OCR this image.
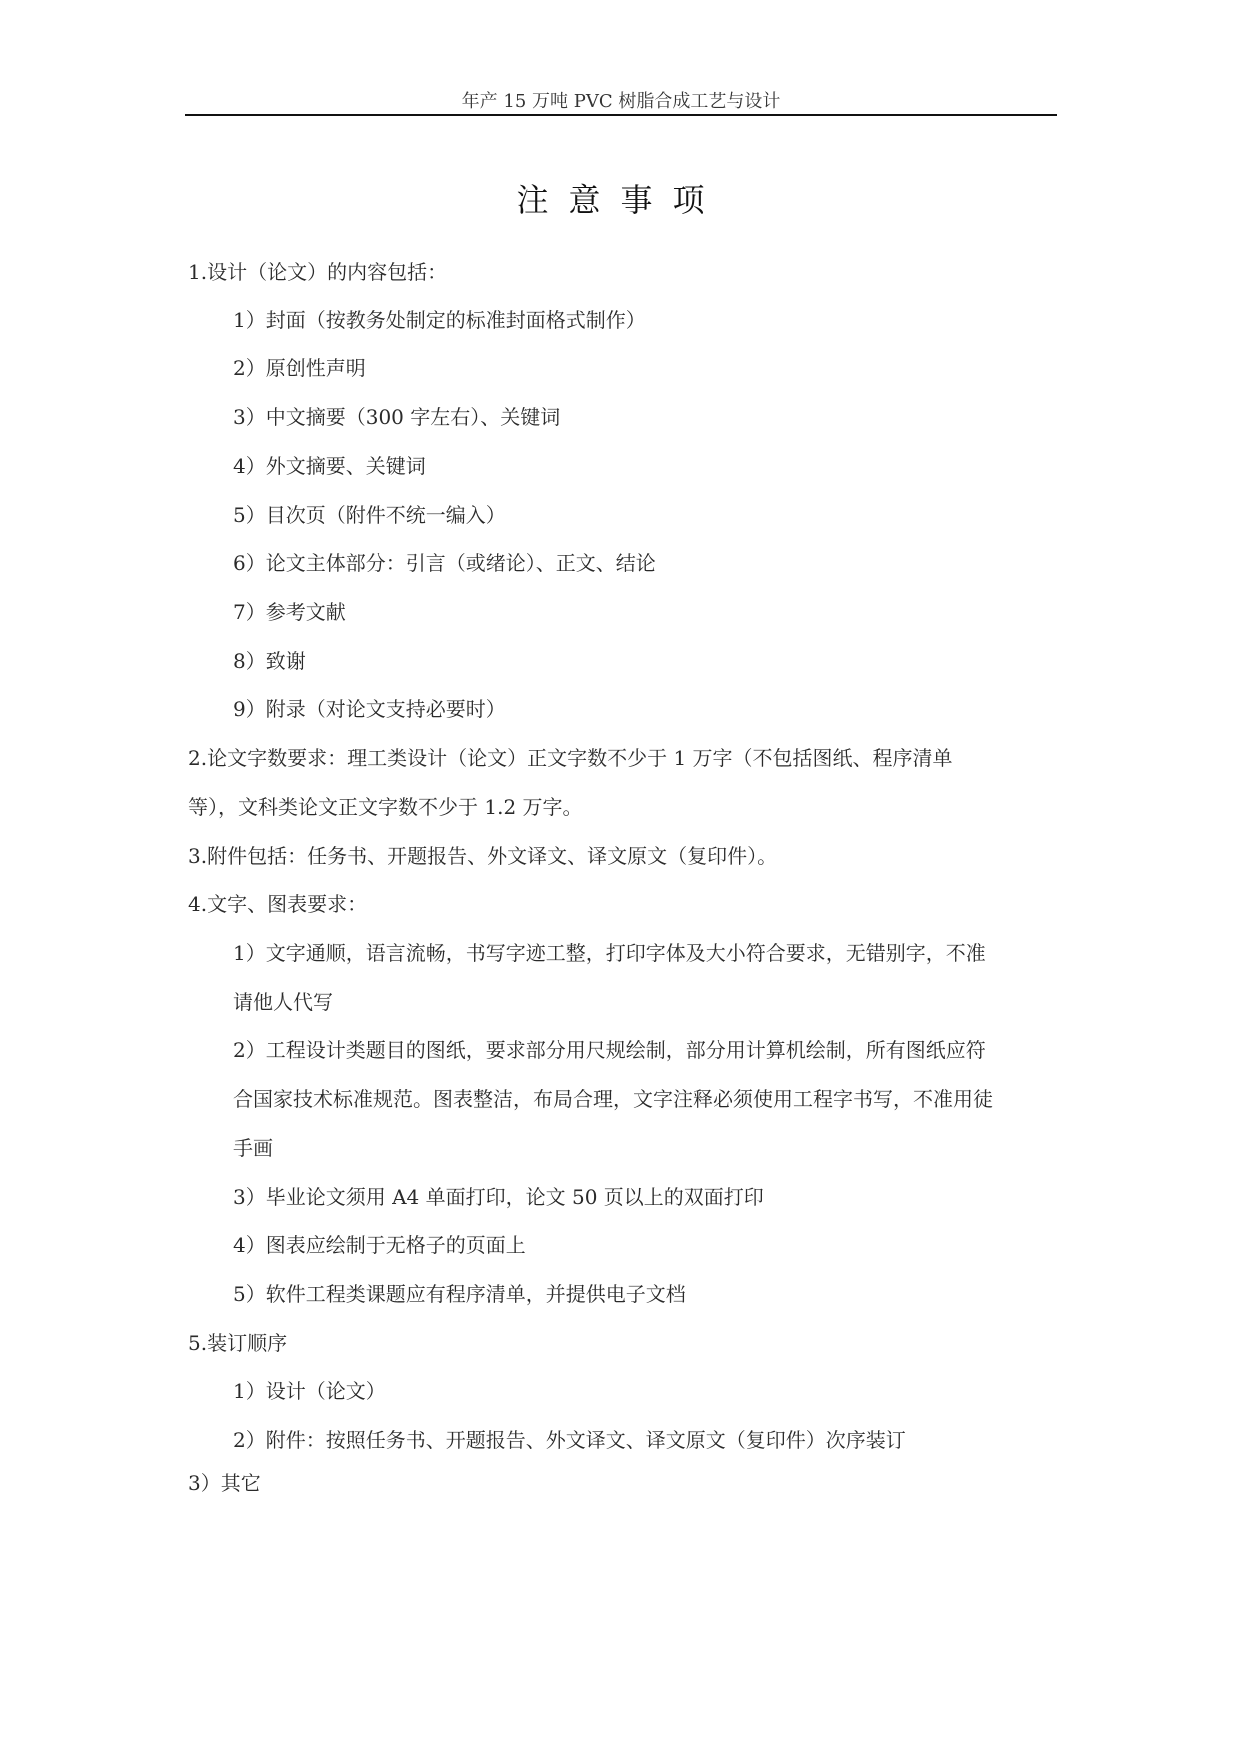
年产 15 万吨 PVC 树脂合成工艺与设计
注意事项
1.设计（论文）的内容包括：
1）封面（按教务处制定的标准封面格式制作）
2）原创性声明
3）中文摘要（300 字左右）、关键词
4）外文摘要、关键词
5）目次页（附件不统一编入）
6）论文主体部分：引言（或绪论）、正文、结论
7）参考文献
8）致谢
9）附录（对论文支持必要时）
2.论文字数要求：理工类设计（论文）正文字数不少于 1 万字（不包括图纸、程序清单
等），文科类论文正文字数不少于 1.2 万字。
3.附件包括：任务书、开题报告、外文译文、译文原文（复印件）。
4.文字、图表要求：
1）文字通顺，语言流畅，书写字迹工整，打印字体及大小符合要求，无错别字，不准
请他人代写
2）工程设计类题目的图纸，要求部分用尺规绘制，部分用计算机绘制，所有图纸应符
合国家技术标准规范。图表整洁，布局合理，文字注释必须使用工程字书写，不准用徒
手画
3）毕业论文须用 A4 单面打印，论文 50 页以上的双面打印
4）图表应绘制于无格子的页面上
5）软件工程类课题应有程序清单，并提供电子文档
5.装订顺序
1）设计（论文）
2）附件：按照任务书、开题报告、外文译文、译文原文（复印件）次序装订
3）其它
